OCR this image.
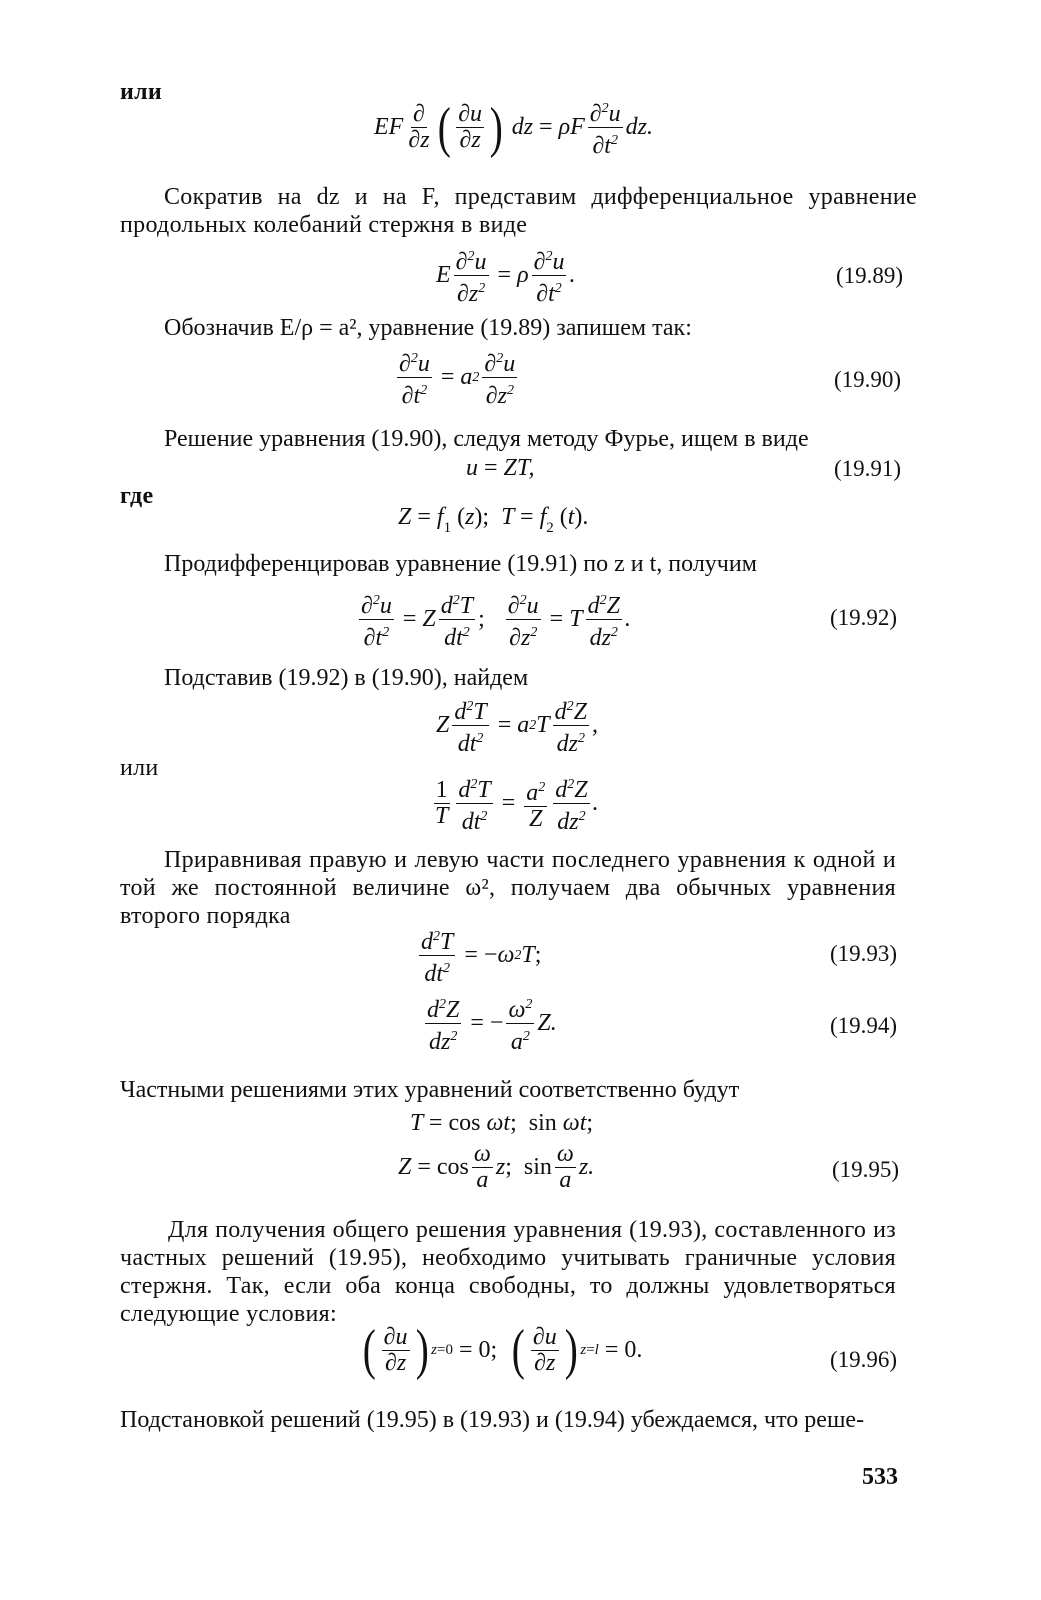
или
EF $\frac{\partial}{\partial z}$ ( $\frac{\partial u}{\partial z}$ ) dz = ρF $\frac{\partial^2u}{\partial t^2}$ dz.
Сократив на dz и на F, представим дифференциальное уравнение продольных колебаний стержня в виде
E $\frac{\partial^2u}{\partial z^2} = \rho \frac{\partial^2u}{\partial t^2}$ .	(19.89)
Обозначив E/ρ = a², уравнение (19.89) запишем так:
$\frac{\partial^2u}{\partial t^2} = a$ $2 \frac{\partial^2u}{\partial z^2}$	(19.90)
Решение уравнения (19.90), следуя методу Фурье, ищем в виде
u = ZT,	(19.91)
где
$Z = f_1$ (z);  $T = f_2$ (t).
Продифференцировав уравнение (19.91) по z и t, получим
$\frac{\partial^2u}{\partial t^2} = Z \frac{d^2T}{dt^2}$ ; $\frac{\partial^2u}{\partial z^2} = T \frac{d^2Z}{dz^2}$ .	(19.92)
Подставив (19.92) в (19.90), найдем
Z $\frac{d^2T}{dt^2} = a$ 2 T $\frac{d^2Z}{dz^2}$ ,
или
$\frac{1}{T} \frac{d^2T}{dt^2} = \frac{a^2}{Z} \frac{d^2Z}{dz^2}$ .
Приравнивая правую и левую части последнего уравнения к одной и той же постоянной величине ω², получаем два обычных уравнения второго порядка
$\frac{d^2T}{dt^2}$ = − ω 2 T ;	(19.93)
$\frac{d^2Z}{dz^2}$ = − $\frac{\omega^2}{a^2} Z$.	(19.94)
Частными решениями этих уравнений соответственно будут
T = cos ωt;  sin ωt;
$Z = \cos \frac{\omega}{a}$ z ;  $\sin \frac{\omega}{a} z$.	(19.95)
Для получения общего решения уравнения (19.93), составленного из частных решений (19.95), необходимо учитывать граничные условия стержня. Так, если оба конца свободны, то должны удовлетворяться следующие условия:
( $\frac{\partial u}{\partial z}$ ) z=0 = 0; ( $\frac{\partial u}{\partial z}$ ) z=l = 0.	(19.96)
Подстановкой решений (19.95) в (19.93) и (19.94) убеждаемся, что реше-
533
